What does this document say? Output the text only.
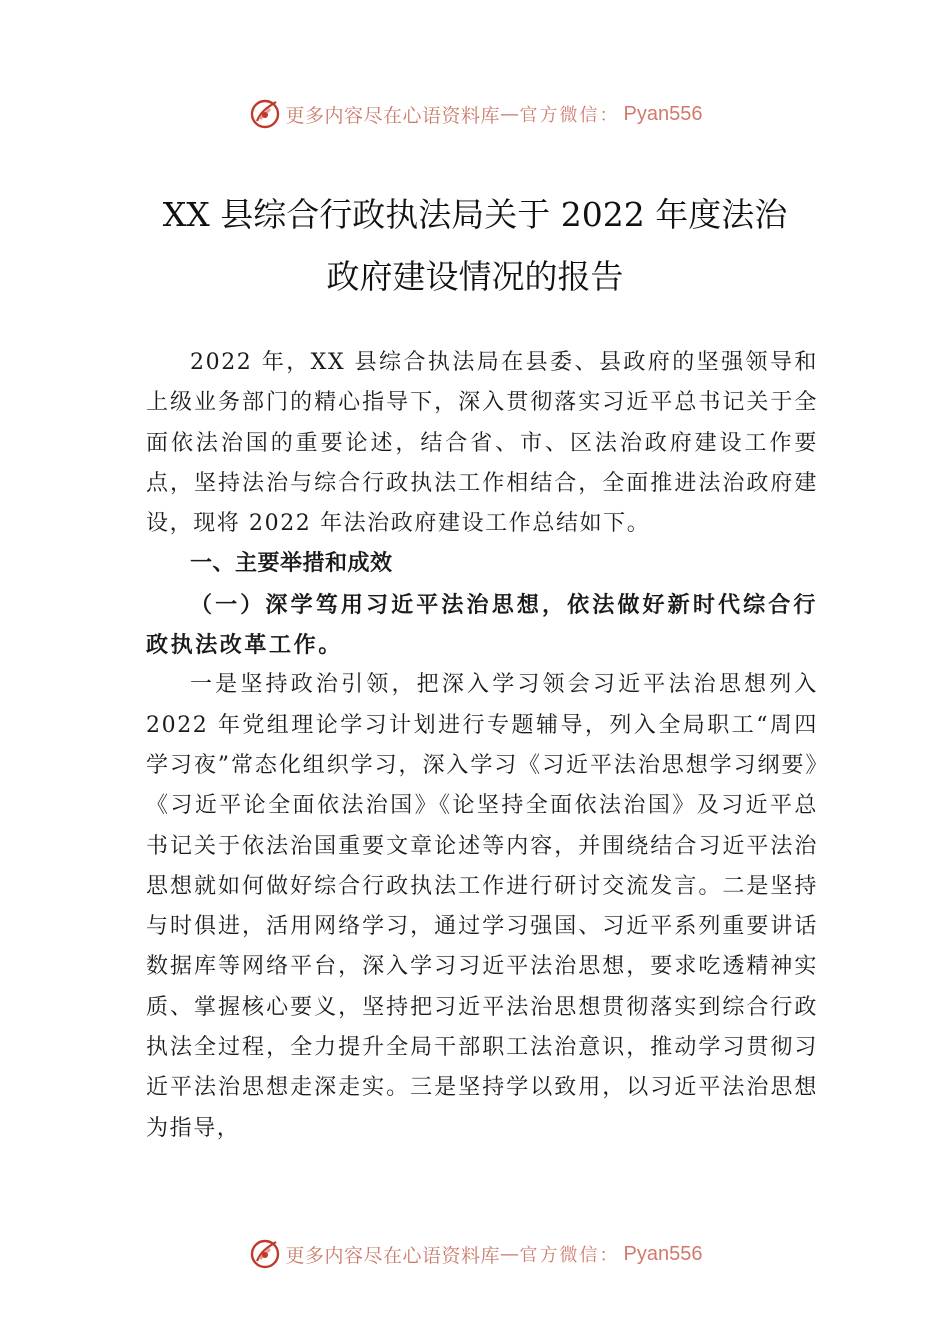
更多内容尽在心语资料库 — 官方微信： Pyan556
XX 县综合行政执法局关于 2022 年度法治
政府建设情况的报告

2022 年，XX 县综合执法局在县委、县政府的坚强领导和上级业务部门的精心指导下，深入贯彻落实习近平总书记关于全面依法治国的重要论述，结合省、市、区法治政府建设工作要点，坚持法治与综合行政执法工作相结合，全面推进法治政府建设，现将 2022 年法治政府建设工作总结如下。

一、主要举措和成效

（一）深学笃用习近平法治思想，依法做好新时代综合行政执法改革工作。

一是坚持政治引领，把深入学习领会习近平法治思想列入 2022 年党组理论学习计划进行专题辅导，列入全局职工“周四学习夜”常态化组织学习，深入学习《习近平法治思想学习纲要》《习近平论全面依法治国》《论坚持全面依法治国》及习近平总书记关于依法治国重要文章论述等内容，并围绕结合习近平法治思想就如何做好综合行政执法工作进行研讨交流发言。二是坚持与时俱进，活用网络学习，通过学习强国、习近平系列重要讲话数据库等网络平台，深入学习习近平法治思想，要求吃透精神实质、掌握核心要义，坚持把习近平法治思想贯彻落实到综合行政执法全过程，全力提升全局干部职工法治意识，推动学习贯彻习近平法治思想走深走实。三是坚持学以致用，以习近平法治思想为指导，

更多内容尽在心语资料库 — 官方微信： Pyan556
